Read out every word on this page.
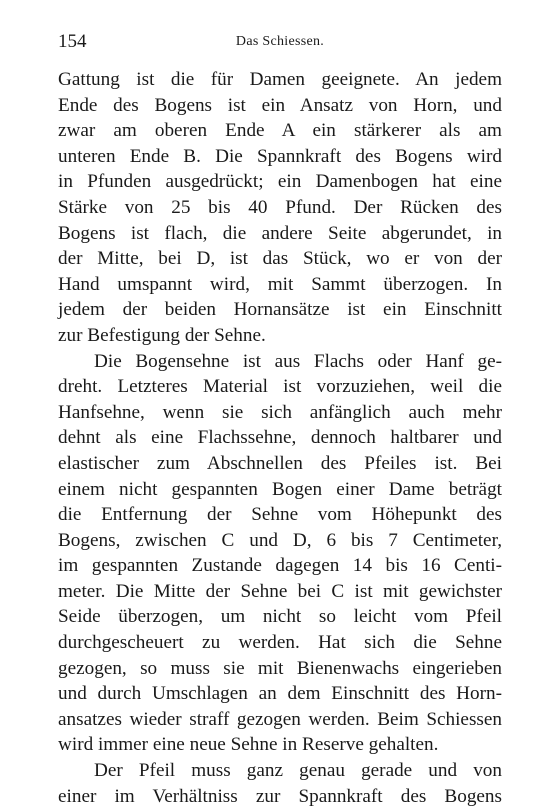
154	Das Schiessen.
Gattung ist die für Damen geeignete. An jedem
Ende des Bogens ist ein Ansatz von Horn, und
zwar am oberen Ende A ein stärkerer als am
unteren Ende B. Die Spannkraft des Bogens wird
in Pfunden ausgedrückt; ein Damenbogen hat eine
Stärke von 25 bis 40 Pfund. Der Rücken des
Bogens ist flach, die andere Seite abgerundet, in
der Mitte, bei D, ist das Stück, wo er von der
Hand umspannt wird, mit Sammt überzogen. In
jedem der beiden Hornansätze ist ein Einschnitt
zur Befestigung der Sehne.
Die Bogensehne ist aus Flachs oder Hanf ge-
dreht. Letzteres Material ist vorzuziehen, weil die
Hanfsehne, wenn sie sich anfänglich auch mehr
dehnt als eine Flachssehne, dennoch haltbarer und
elastischer zum Abschnellen des Pfeiles ist. Bei
einem nicht gespannten Bogen einer Dame beträgt
die Entfernung der Sehne vom Höhepunkt des
Bogens, zwischen C und D, 6 bis 7 Centimeter,
im gespannten Zustande dagegen 14 bis 16 Centi-
meter. Die Mitte der Sehne bei C ist mit gewichster
Seide überzogen, um nicht so leicht vom Pfeil
durchgescheuert zu werden. Hat sich die Sehne
gezogen, so muss sie mit Bienenwachs eingerieben
und durch Umschlagen an dem Einschnitt des Horn-
ansatzes wieder straff gezogen werden. Beim Schiessen
wird immer eine neue Sehne in Reserve gehalten.
Der Pfeil muss ganz genau gerade und von
einer im Verhältniss zur Spannkraft des Bogens
